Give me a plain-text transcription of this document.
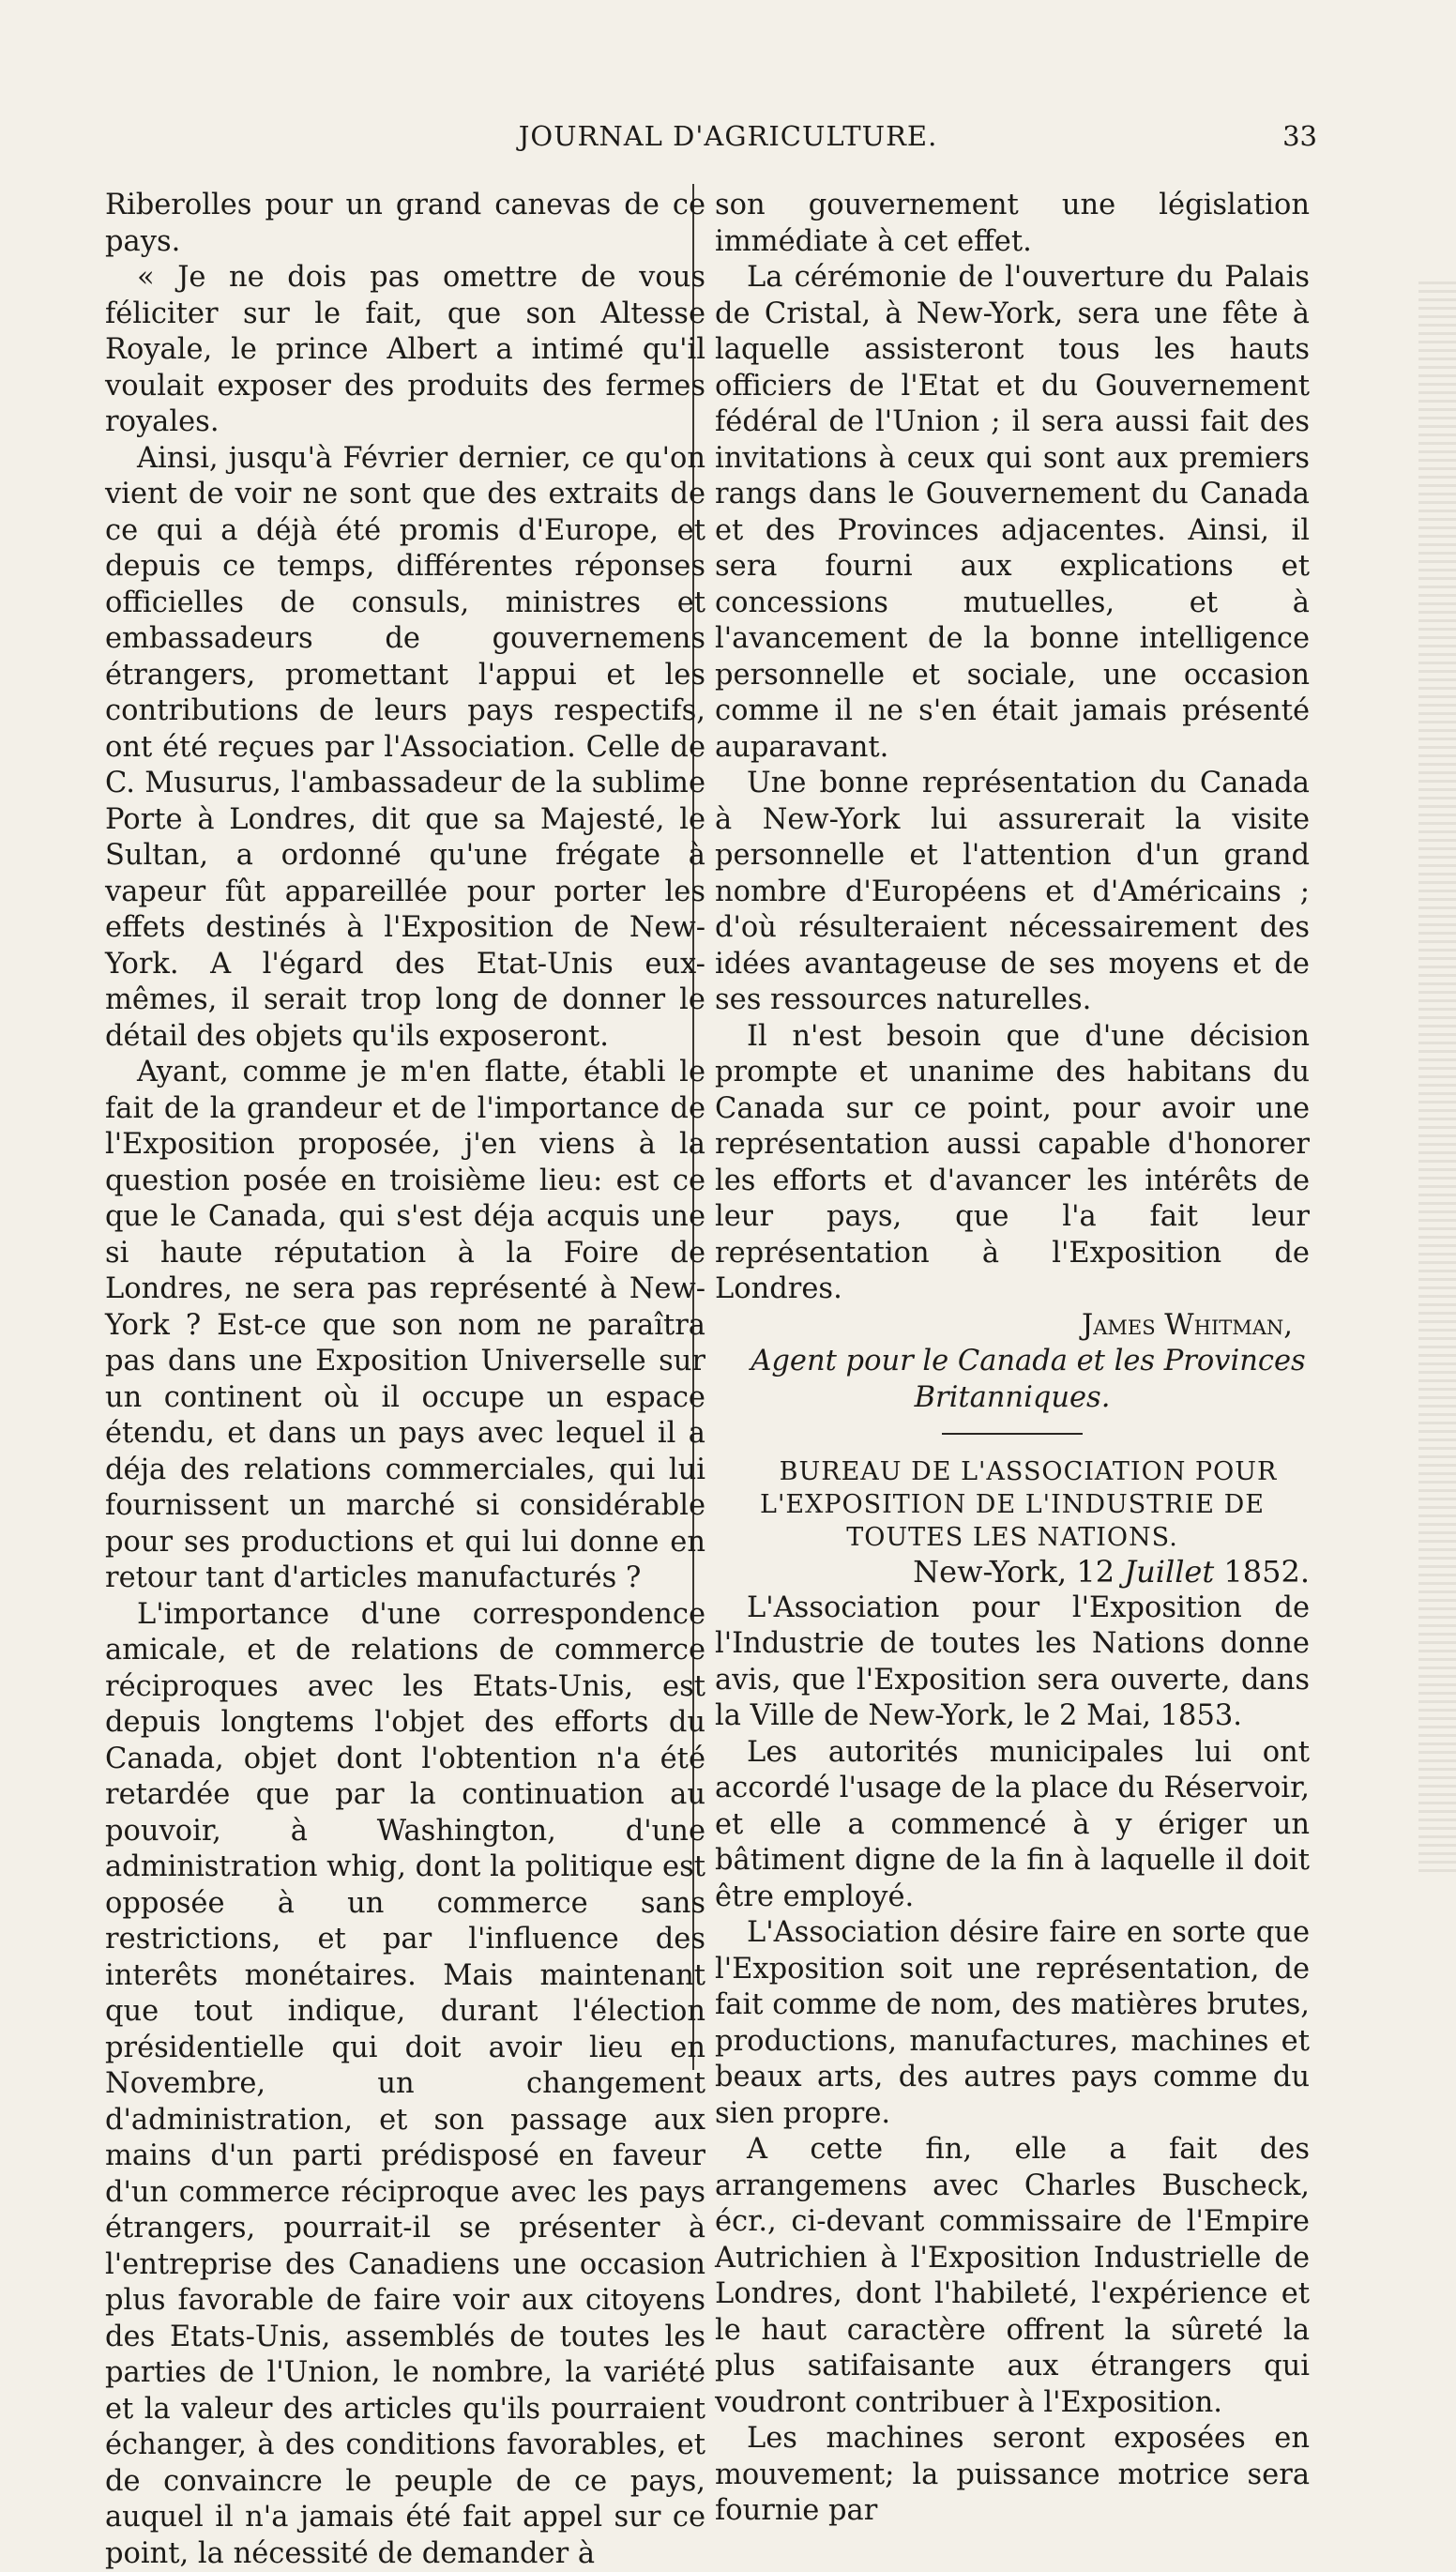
JOURNAL D'AGRICULTURE.	33

Riberolles pour un grand canevas de ce pays.

« Je ne dois pas omettre de vous féliciter sur le fait, que son Altesse Royale, le prince Albert a intimé qu'il voulait exposer des produits des fermes royales.

Ainsi, jusqu'à Février dernier, ce qu'on vient de voir ne sont que des extraits de ce qui a déjà été promis d'Europe, et depuis ce temps, différentes réponses officielles de consuls, ministres et embassadeurs de gouvernemens étrangers, promettant l'appui et les contributions de leurs pays respectifs, ont été reçues par l'Association. Celle de C. Musurus, l'ambassadeur de la sublime Porte à Londres, dit que sa Majesté, le Sultan, a ordonné qu'une frégate à vapeur fût appareillée pour porter les effets destinés à l'Exposition de New-York. A l'égard des Etat-Unis eux-mêmes, il serait trop long de donner le détail des objets qu'ils exposeront.

Ayant, comme je m'en flatte, établi le fait de la grandeur et de l'importance de l'Exposition proposée, j'en viens à la question posée en troisième lieu: est ce que le Canada, qui s'est déja acquis une si haute réputation à la Foire de Londres, ne sera pas représenté à New-York ? Est-ce que son nom ne paraîtra pas dans une Exposition Universelle sur un continent où il occupe un espace étendu, et dans un pays avec lequel il a déja des relations commerciales, qui lui fournissent un marché si considérable pour ses productions et qui lui donne en retour tant d'articles manufacturés ?

L'importance d'une correspondence amicale, et de relations de commerce réciproques avec les Etats-Unis, est depuis longtems l'objet des efforts du Canada, objet dont l'obtention n'a été retardée que par la continuation au pouvoir, à Washington, d'une administration whig, dont la politique est opposée à un commerce sans restrictions, et par l'influence des interêts monétaires. Mais maintenant que tout indique, durant l'élection présidentielle qui doit avoir lieu en Novembre, un changement d'administration, et son passage aux mains d'un parti prédisposé en faveur d'un commerce réciproque avec les pays étrangers, pourrait-il se présenter à l'entreprise des Canadiens une occasion plus favorable de faire voir aux citoyens des Etats-Unis, assemblés de toutes les parties de l'Union, le nombre, la variété et la valeur des articles qu'ils pourraient échanger, à des conditions favorables, et de convaincre le peuple de ce pays, auquel il n'a jamais été fait appel sur ce point, la nécessité de demander à

son gouvernement une législation immédiate à cet effet.

La cérémonie de l'ouverture du Palais de Cristal, à New-York, sera une fête à laquelle assisteront tous les hauts officiers de l'Etat et du Gouvernement fédéral de l'Union ; il sera aussi fait des invitations à ceux qui sont aux premiers rangs dans le Gouvernement du Canada et des Provinces adjacentes. Ainsi, il sera fourni aux explications et concessions mutuelles, et à l'avancement de la bonne intelligence personnelle et sociale, une occasion comme il ne s'en était jamais présenté auparavant.

Une bonne représentation du Canada à New-York lui assurerait la visite personnelle et l'attention d'un grand nombre d'Européens et d'Américains ; d'où résulteraient nécessairement des idées avantageuse de ses moyens et de ses ressources naturelles.

Il n'est besoin que d'une décision prompte et unanime des habitans du Canada sur ce point, pour avoir une représentation aussi capable d'honorer les efforts et d'avancer les intérêts de leur pays, que l'a fait leur représentation à l'Exposition de Londres.

James Whitman,

Agent pour le Canada et les Provinces Britanniques.

BUREAU DE L'ASSOCIATION POUR L'EXPOSITION DE L'INDUSTRIE DE TOUTES LES NATIONS.

New-York, 12 Juillet 1852.

L'Association pour l'Exposition de l'Industrie de toutes les Nations donne avis, que l'Exposition sera ouverte, dans la Ville de New-York, le 2 Mai, 1853.

Les autorités municipales lui ont accordé l'usage de la place du Réservoir, et elle a commencé à y ériger un bâtiment digne de la fin à laquelle il doit être employé.

L'Association désire faire en sorte que l'Exposition soit une représentation, de fait comme de nom, des matières brutes, productions, manufactures, machines et beaux arts, des autres pays comme du sien propre.

A cette fin, elle a fait des arrangemens avec Charles Buscheck, écr., ci-devant commissaire de l'Empire Autrichien à l'Exposition Industrielle de Londres, dont l'habileté, l'expérience et le haut caractère offrent la sûreté la plus satifaisante aux étrangers qui voudront contribuer à l'Exposition.

Les machines seront exposées en mouvement; la puissance motrice sera fournie par
